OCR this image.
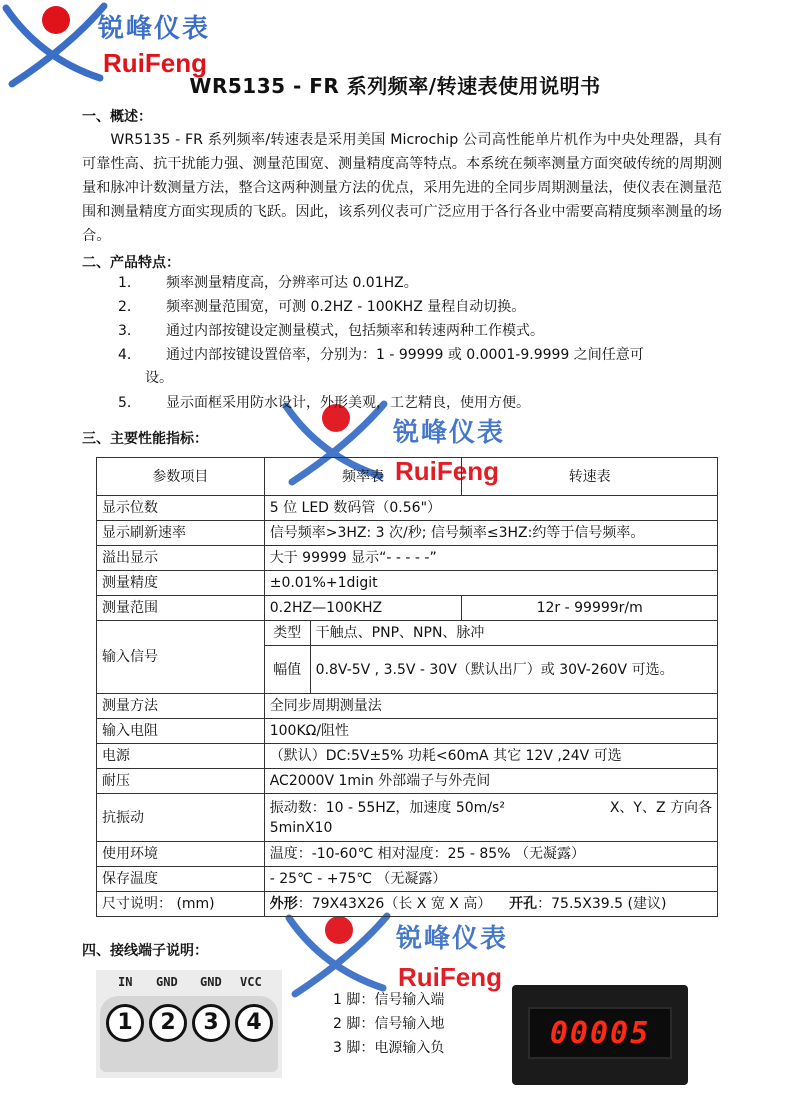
锐峰仪表
RuiFeng
锐峰仪表
RuiFeng
锐峰仪表
RuiFeng
WR5135 - FR 系列频率/转速表使用说明书
一、概述：
WR5135 - FR 系列频率/转速表是采用美国 Microchip 公司高性能单片机作为中央处理器，具有可靠性高、抗干扰能力强、测量范围宽、测量精度高等特点。本系统在频率测量方面突破传统的周期测量和脉冲计数测量方法，整合这两种测量方法的优点，采用先进的全同步周期测量法，使仪表在测量范围和测量精度方面实现质的飞跃。因此，该系列仪表可广泛应用于各行各业中需要高精度频率测量的场合。
二、产品特点：
1． 频率测量精度高，分辨率可达 0.01HZ。
2． 频率测量范围宽，可测 0.2HZ - 100KHZ 量程自动切换。
3． 通过内部按键设定测量模式，包括频率和转速两种工作模式。
4． 通过内部按键设置倍率，分别为：1 - 99999 或 0.0001-9.9999 之间任意可
设。
5． 显示面框采用防水设计，外形美观，工艺精良，使用方便。
三、主要性能指标：
参数项目	频率表		转速表
显示位数	5 位 LED 数码管（0.56"）		
显示刷新速率	信号频率>3HZ: 3 次/秒; 信号频率≤3HZ:约等于信号频率。		
溢出显示	大于 99999 显示“- - - - -”		
测量精度	±0.01%+1digit		
测量范围	0.2HZ—100KHZ		12r - 99999r/m
输入信号	类型	干触点、PNP、NPN、脉冲	
	幅值	0.8V-5V , 3.5V - 30V（默认出厂）或 30V-260V 可选。	
测量方法	全同步周期测量法		
输入电阻	100KΩ/阻性		
电源	（默认）DC:5V±5% 功耗<60mA 其它 12V ,24V 可选		
耐压	AC2000V 1min 外部端子与外壳间		
抗振动	振动数：10 - 55HZ，加速度 50m/s² X、Y、Z 方向各
5minX10		

使用环境	温度：-10-60℃ 相对湿度：25 - 85% （无凝露）		
保存温度	- 25℃ - +75℃ （无凝露）		
尺寸说明： (mm)	外形：79X43X26（长 X 宽 X 高） 开孔：75.5X39.5 (建议)		
四、接线端子说明：
IN GND GND VCC
1	2	3	4
1 脚：信号输入端
2 脚：信号输入地
3 脚：电源输入负	00005
